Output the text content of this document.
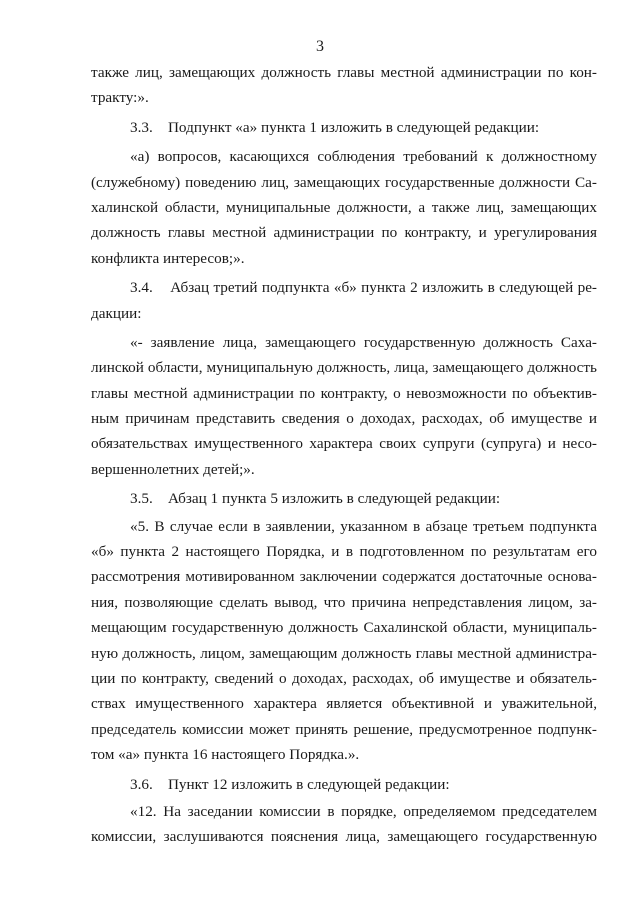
3
также лиц, замещающих должность главы местной администрации по кон-
тракту:».
3.3.    Подпункт «а» пункта 1 изложить в следующей редакции:
«а) вопросов, касающихся соблюдения требований к должностному
(служебному) поведению лиц, замещающих государственные должности Са-
халинской области, муниципальные должности, а также лиц, замещающих
должность главы местной администрации по контракту, и урегулирования
конфликта интересов;».
3.4.    Абзац третий подпункта «б» пункта 2 изложить в следующей ре-
дакции:
«- заявление лица, замещающего государственную должность Саха-
линской области, муниципальную должность, лица, замещающего должность
главы местной администрации по контракту, о невозможности по объектив-
ным причинам представить сведения о доходах, расходах, об имуществе и
обязательствах имущественного характера своих супруги (супруга) и несо-
вершеннолетних детей;».
3.5.    Абзац 1 пункта 5 изложить в следующей редакции:
«5. В случае если в заявлении, указанном в абзаце третьем подпункта
«б» пункта 2 настоящего Порядка, и в подготовленном по результатам его
рассмотрения мотивированном заключении содержатся достаточные основа-
ния, позволяющие сделать вывод, что причина непредставления лицом, за-
мещающим государственную должность Сахалинской области, муниципаль-
ную должность, лицом, замещающим должность главы местной администра-
ции по контракту, сведений о доходах, расходах, об имуществе и обязатель-
ствах имущественного характера является объективной и уважительной,
председатель комиссии может принять решение, предусмотренное подпунк-
том «а» пункта 16 настоящего Порядка.».
3.6.    Пункт 12 изложить в следующей редакции:
«12. На заседании комиссии в порядке, определяемом председателем
комиссии, заслушиваются пояснения лица, замещающего государственную
